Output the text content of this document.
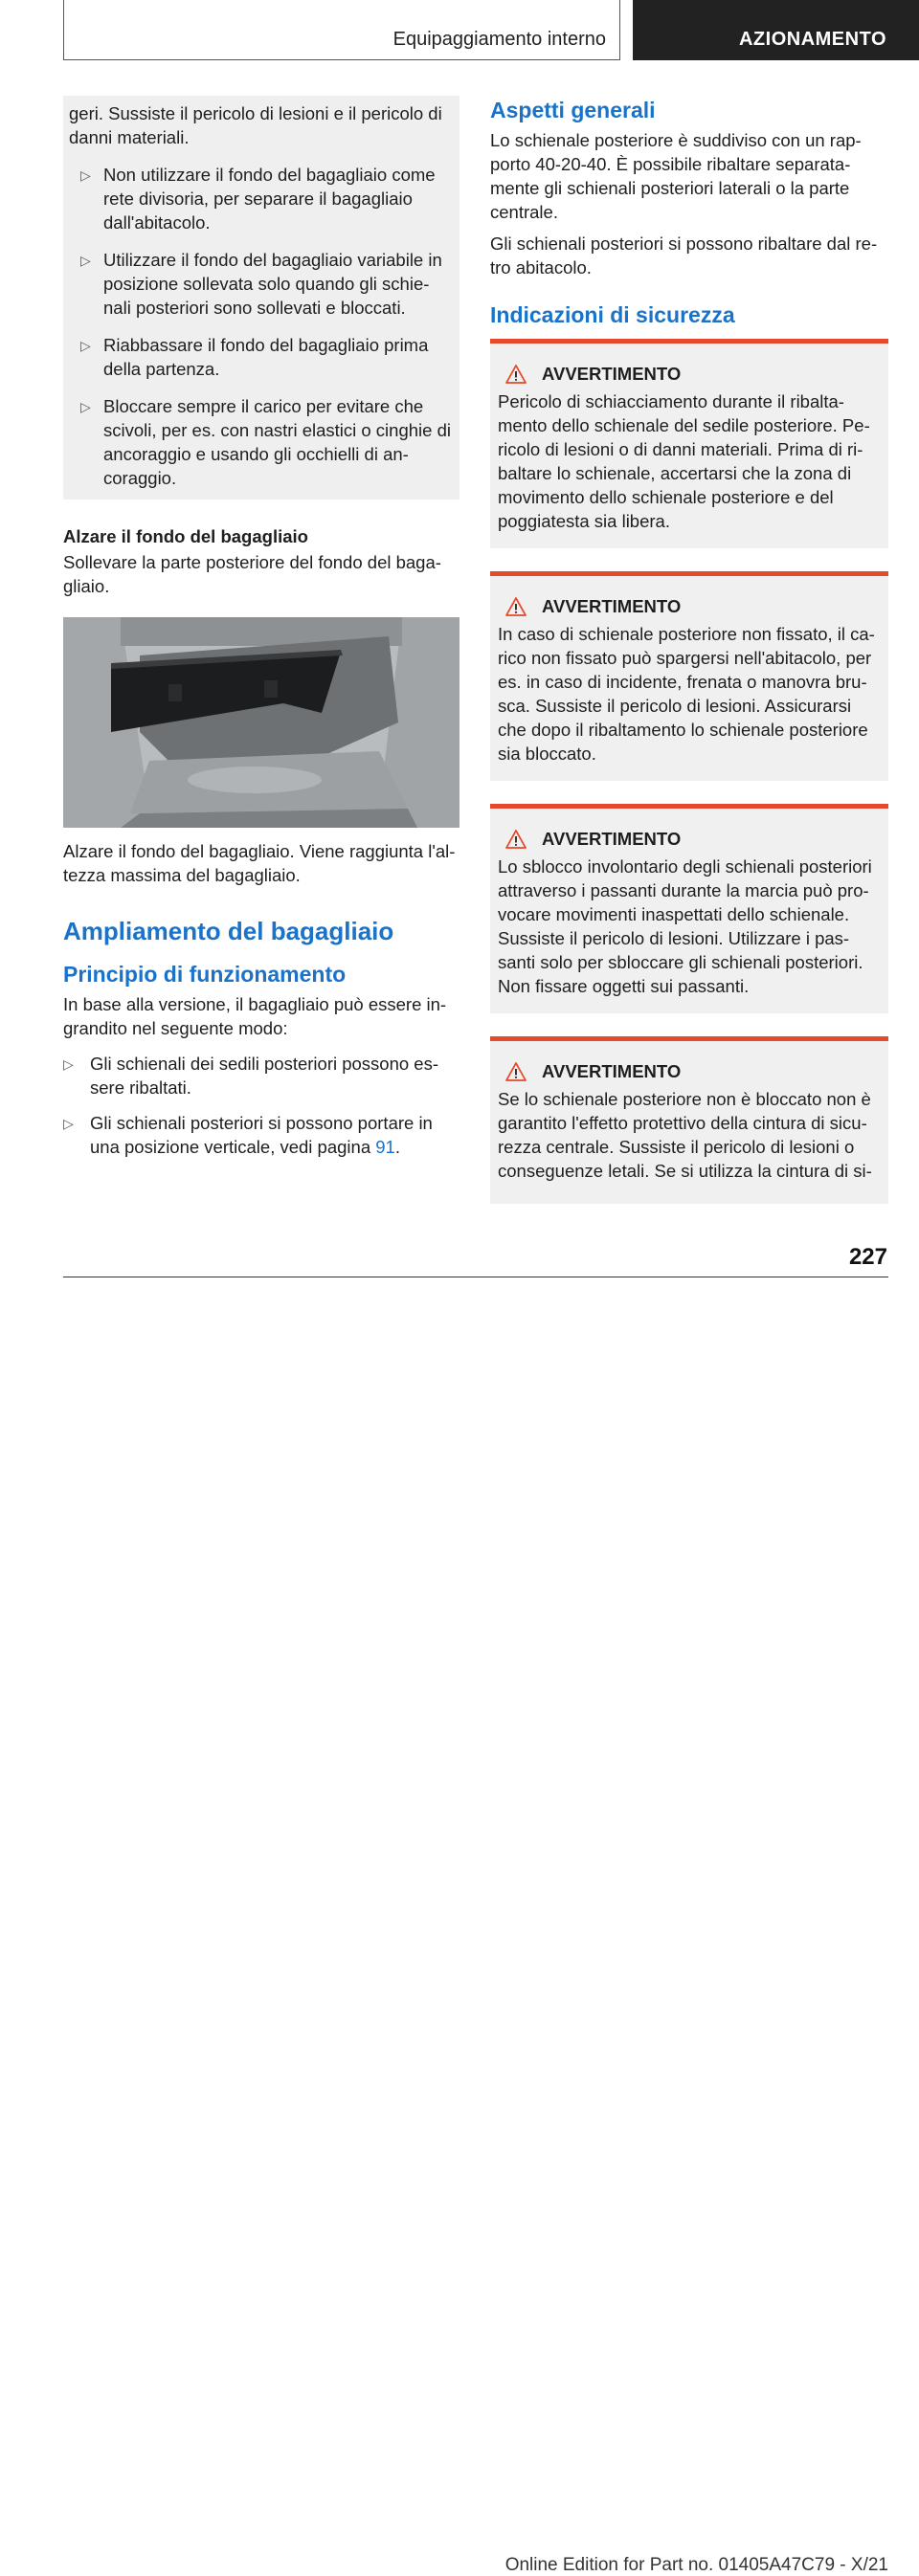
Equipaggiamento interno	AZIONAMENTO

geri. Sussiste il pericolo di lesioni e il pericolo di danni materiali.

▷ Non utilizzare il fondo del bagagliaio come rete divisoria, per separare il bagagliaio dall'abitacolo.
▷ Utilizzare il fondo del bagagliaio variabile in posizione sollevata solo quando gli schie-nali posteriori sono sollevati e bloccati.
▷ Riabbassare il fondo del bagagliaio prima della partenza.
▷ Bloccare sempre il carico per evitare che scivoli, per es. con nastri elastici o cinghie di ancoraggio e usando gli occhielli di an-coraggio.
Alzare il fondo del bagagliaio

Sollevare la parte posteriore del fondo del baga-gliaio.

Alzare il fondo del bagagliaio. Viene raggiunta l'al-tezza massima del bagagliaio.

Ampliamento del bagagliaio
Principio di funzionamento

In base alla versione, il bagagliaio può essere in-grandito nel seguente modo:

▷ Gli schienali dei sedili posteriori possono es-sere ribaltati.
▷ Gli schienali posteriori si possono portare in una posizione verticale, vedi pagina 91.
Aspetti generali

Lo schienale posteriore è suddiviso con un rap-porto 40-20-40. È possibile ribaltare separata-mente gli schienali posteriori laterali o la parte centrale.

Gli schienali posteriori si possono ribaltare dal re-tro abitacolo.

Indicazioni di sicurezza
AVVERTIMENTO
Pericolo di schiacciamento durante il ribalta-mento dello schienale del sedile posteriore. Pe-ricolo di lesioni o di danni materiali. Prima di ri-baltare lo schienale, accertarsi che la zona di movimento dello schienale posteriore e del poggiatesta sia libera.
AVVERTIMENTO
In caso di schienale posteriore non fissato, il ca-rico non fissato può spargersi nell'abitacolo, per es. in caso di incidente, frenata o manovra bru-sca. Sussiste il pericolo di lesioni. Assicurarsi che dopo il ribaltamento lo schienale posteriore sia bloccato.
AVVERTIMENTO
Lo sblocco involontario degli schienali posteriori attraverso i passanti durante la marcia può pro-vocare movimenti inaspettati dello schienale. Sussiste il pericolo di lesioni. Utilizzare i pas-santi solo per sbloccare gli schienali posteriori. Non fissare oggetti sui passanti.
AVVERTIMENTO
Se lo schienale posteriore non è bloccato non è garantito l'effetto protettivo della cintura di sicu-rezza centrale. Sussiste il pericolo di lesioni o conseguenze letali. Se si utilizza la cintura di si-
227
Online Edition for Part no. 01405A47C79 - X/21
